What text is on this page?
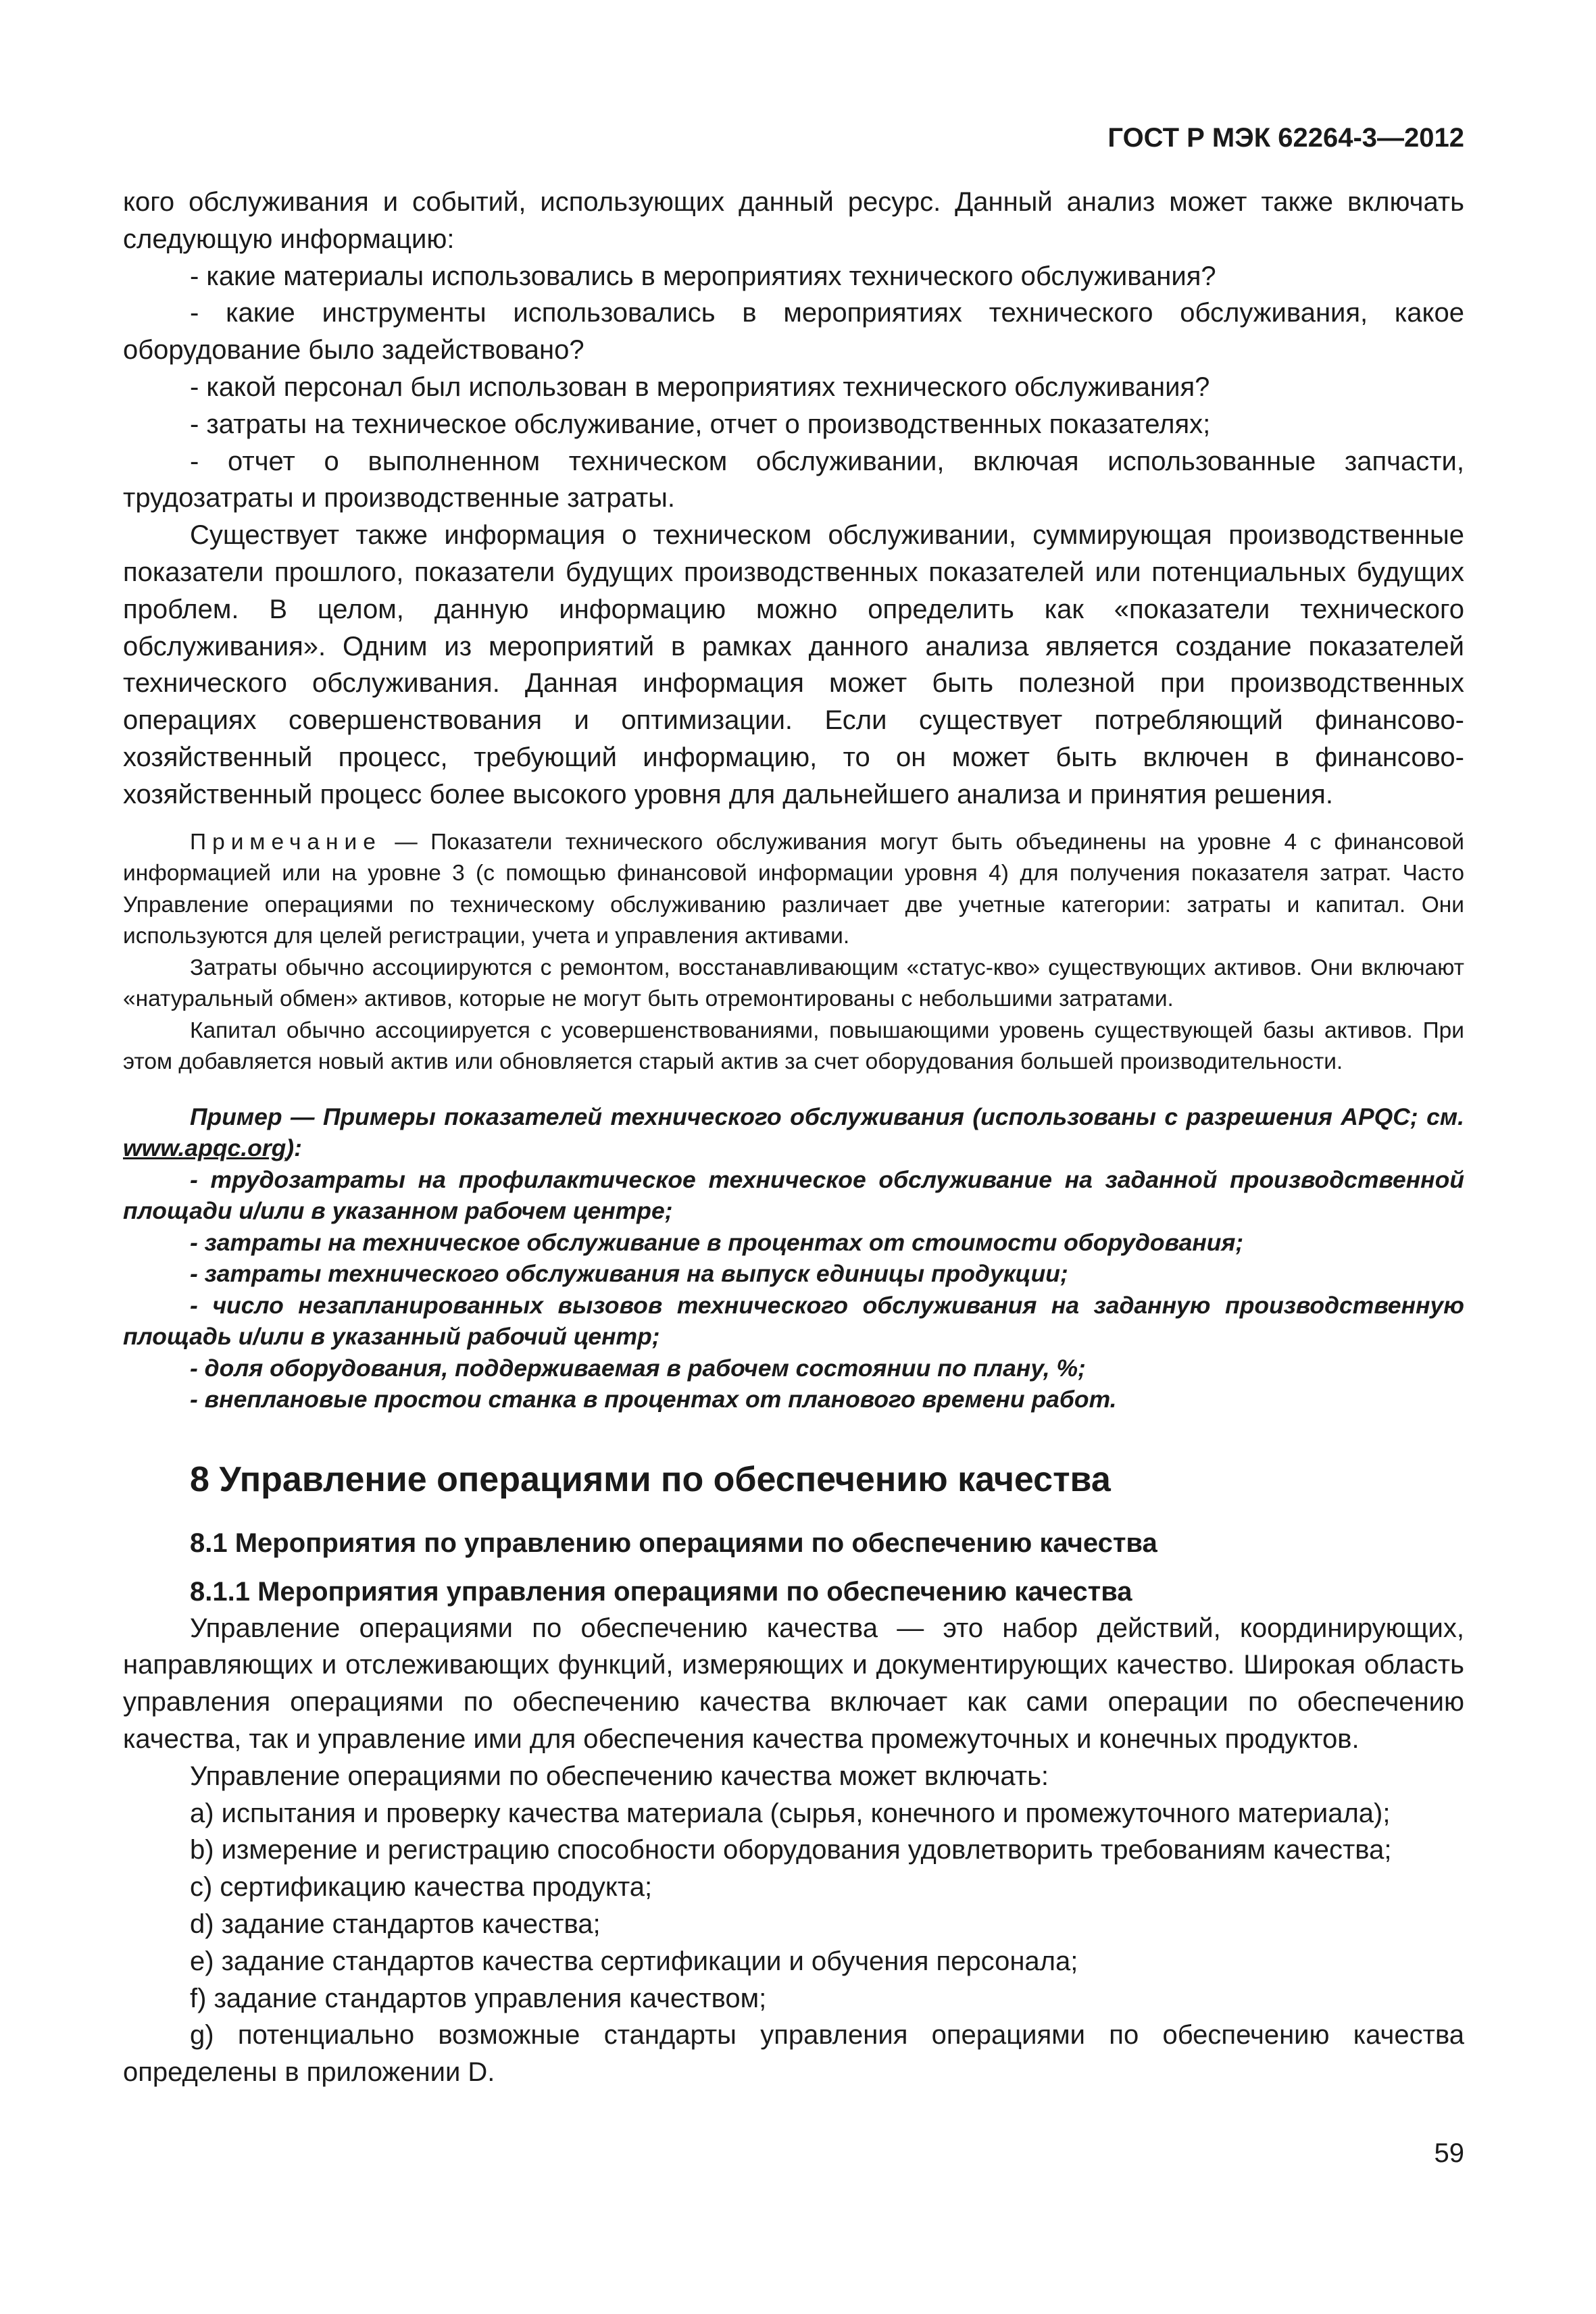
ГОСТ Р МЭК 62264-3—2012

кого обслуживания и событий, использующих данный ресурс. Данный анализ может также включать следующую информацию:

- какие материалы использовались в мероприятиях технического обслуживания?

- какие инструменты использовались в мероприятиях технического обслуживания, какое оборудование было задействовано?

- какой персонал был использован в мероприятиях технического обслуживания?

- затраты на техническое обслуживание, отчет о производственных показателях;

- отчет о выполненном техническом обслуживании, включая использованные запчасти, трудозатраты и производственные затраты.

Существует также информация о техническом обслуживании, суммирующая производственные показатели прошлого, показатели будущих производственных показателей или потенциальных будущих проблем. В целом, данную информацию можно определить как «показатели технического обслуживания». Одним из мероприятий в рамках данного анализа является создание показателей технического обслуживания. Данная информация может быть полезной при производственных операциях совершенствования и оптимизации. Если существует потребляющий финансово-хозяйственный процесс, требующий информацию, то он может быть включен в финансово-хозяйственный процесс более высокого уровня для дальнейшего анализа и принятия решения.

Примечание — Показатели технического обслуживания могут быть объединены на уровне 4 с финансовой информацией или на уровне 3 (с помощью финансовой информации уровня 4) для получения показателя затрат. Часто Управление операциями по техническому обслуживанию различает две учетные категории: затраты и капитал. Они используются для целей регистрации, учета и управления активами.

Затраты обычно ассоциируются с ремонтом, восстанавливающим «статус-кво» существующих активов. Они включают «натуральный обмен» активов, которые не могут быть отремонтированы с небольшими затратами.

Капитал обычно ассоциируется с усовершенствованиями, повышающими уровень существующей базы активов. При этом добавляется новый актив или обновляется старый актив за счет оборудования большей производительности.

Пример — Примеры показателей технического обслуживания (использованы с разрешения APQC; см. www.apqc.org):

- трудозатраты на профилактическое техническое обслуживание на заданной производственной площади и/или в указанном рабочем центре;

- затраты на техническое обслуживание в процентах от стоимости оборудования;

- затраты технического обслуживания на выпуск единицы продукции;

- число незапланированных вызовов технического обслуживания на заданную производственную площадь и/или в указанный рабочий центр;

- доля оборудования, поддерживаемая в рабочем состоянии по плану, %;

- внеплановые простои станка в процентах от планового времени работ.

8 Управление операциями по обеспечению качества
8.1 Мероприятия по управлению операциями по обеспечению качества
8.1.1 Мероприятия управления операциями по обеспечению качества

Управление операциями по обеспечению качества — это набор действий, координирующих, направляющих и отслеживающих функций, измеряющих и документирующих качество. Широкая область управления операциями по обеспечению качества включает как сами операции по обеспечению качества, так и управление ими для обеспечения качества промежуточных и конечных продуктов.

Управление операциями по обеспечению качества может включать:

a) испытания и проверку качества материала (сырья, конечного и промежуточного материала);

b) измерение и регистрацию способности оборудования удовлетворить требованиям качества;

c) сертификацию качества продукта;

d) задание стандартов качества;

e) задание стандартов качества сертификации и обучения персонала;

f) задание стандартов управления качеством;

g) потенциально возможные стандарты управления операциями по обеспечению качества определены в приложении D.

59
